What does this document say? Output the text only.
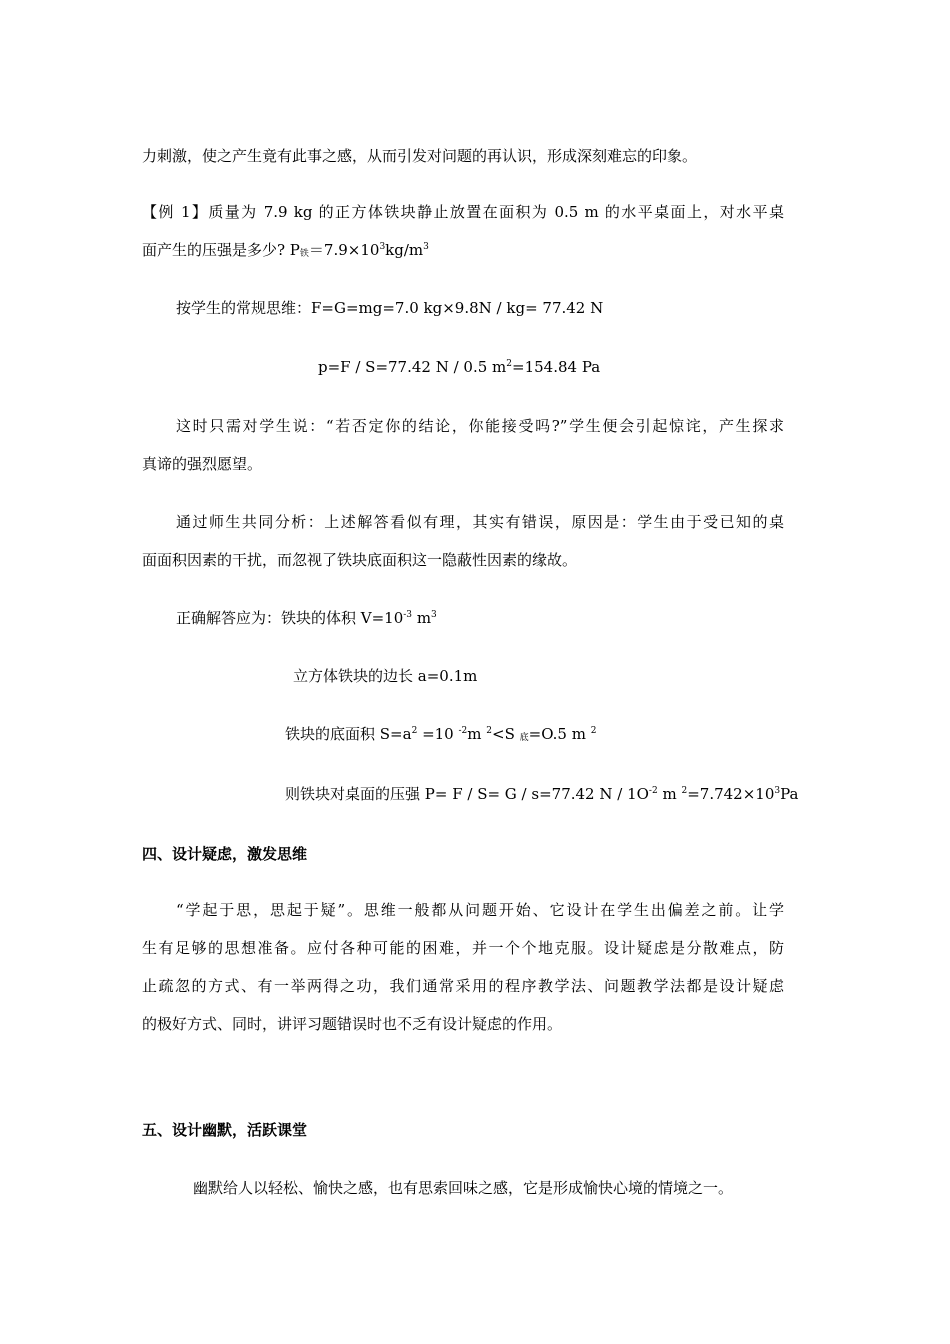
力刺激，使之产生竟有此事之感，从而引发对问题的再认识，形成深刻难忘的印象。
【例 1】质量为 7.9 kg 的正方体铁块静止放置在面积为 0.5 m 的水平桌面上，对水平桌
面产生的压强是多少? $P_铁=7.9\times 10^3kg/m^3$
按学生的常规思维：F=G=mg=7.0 kg×9.8N / kg= 77.42 N
p=F / S=77.42 N / 0.5 $m^2=154.84$ Pa
这时只需对学生说：“若否定你的结论，你能接受吗?”学生便会引起惊诧，产生探求
真谛的强烈愿望。
通过师生共同分析：上述解答看似有理，其实有错误，原因是：学生由于受已知的桌
面面积因素的干扰，而忽视了铁块底面积这一隐蔽性因素的缘故。
正确解答应为：铁块的体积 $V=10^{-3}$ $m^3$
立方体铁块的边长 a=0.1m
铁块的底面积 $S=a^2 =10$ $^{-2}$m $^2$<S $_底$=O.5 m $^2$
则铁块对桌面的压强 P= F / S= G / s=77.42 N / $1O^{-2}$ m $^2=7.742\times 10^3Pa$
四、设计疑虑，激发思维
“学起于思，思起于疑”。思维一般都从问题开始、它设计在学生出偏差之前。让学
生有足够的思想准备。应付各种可能的困难，并一个个地克服。设计疑虑是分散难点，防
止疏忽的方式、有一举两得之功，我们通常采用的程序教学法、问题教学法都是设计疑虑
的极好方式、同时，讲评习题错误时也不乏有设计疑虑的作用。
五、设计幽默，活跃课堂
幽默给人以轻松、愉快之感，也有思索回味之感，它是形成愉快心境的情境之一。
